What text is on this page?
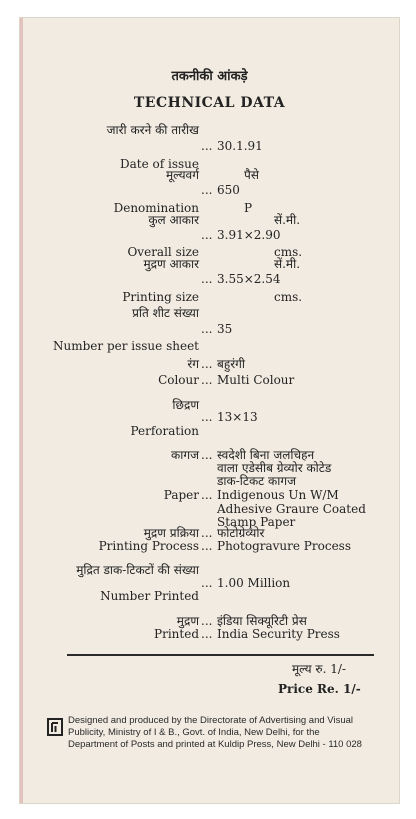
तकनीकी आंकड़े
TECHNICAL DATA
जारी करने की तारीख
... 30.1.91
Date of issue
मूल्यवर्ग	पैसे
... 650
Denomination	P
कुल आकार	सें.मी.
... 3.91×2.90
Overall size	cms.
मुद्रण आकार	सें.मी.
... 3.55×2.54
Printing size	cms.
प्रति शीट संख्या
... 35
Number per issue sheet
रंग ... बहुरंगी
Colour ... Multi Colour
छिद्रण
... 13×13
Perforation
कागज ... स्वदेशी बिना जलचिहन
वाला एडेसीब ग्रेव्योर कोटेड
डाक-टिकट कागज
Paper ... Indigenous Un W/M
Adhesive Graure Coated
Stamp Paper
मुद्रण प्रक्रिया ... फोटोग्रेव्योर
Printing Process ... Photogravure Process
मुद्रित डाक-टिकटों की संख्या
... 1.00 Million
Number Printed
मुद्रण ... इंडिया सिक्यूरिटी प्रेस
Printed ... India Security Press
मूल्य रु. 1/-
Price Re. 1/-
Designed and produced by the Directorate of Advertising and Visual
Publicity, Ministry of I & B., Govt. of India, New Delhi, for the
Department of Posts and printed at Kuldip Press, New Delhi - 110 028
